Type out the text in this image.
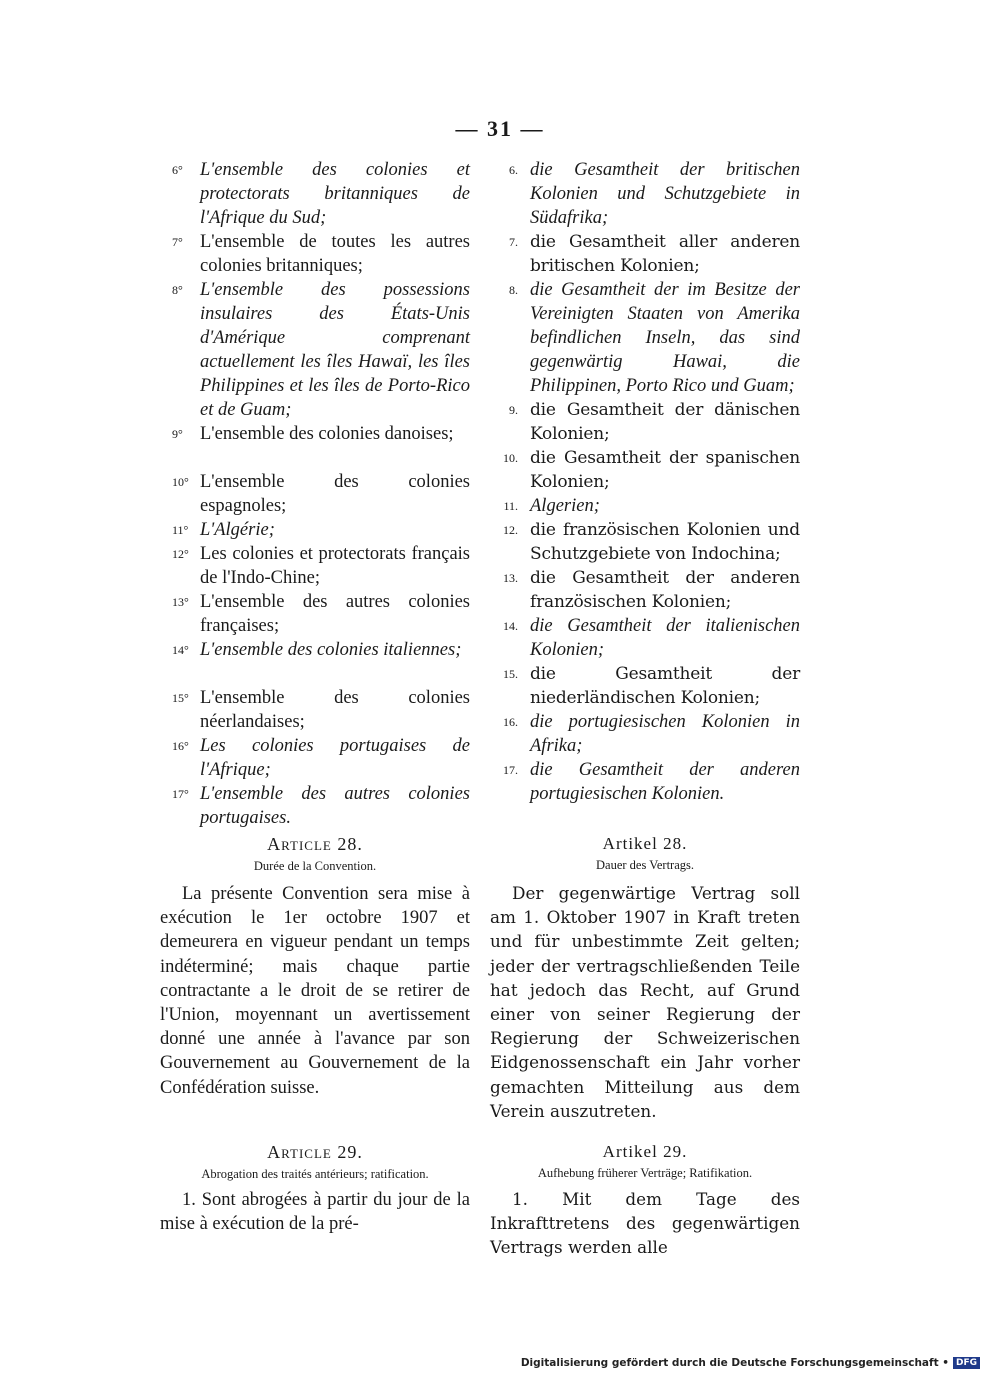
— 31 —
6° L'ensemble des colonies et protectorats britanniques de l'Afrique du Sud;
7° L'ensemble de toutes les autres colonies britanniques;
8° L'ensemble des possessions insulaires des États-Unis d'Amérique comprenant actuellement les îles Hawaï, les îles Philippines et les îles de Porto-Rico et de Guam;
9° L'ensemble des colonies danoises;
10° L'ensemble des colonies espagnoles;
11° L'Algérie;
12° Les colonies et protectorats français de l'Indo-Chine;
13° L'ensemble des autres colonies françaises;
14° L'ensemble des colonies italiennes;
15° L'ensemble des colonies néerlandaises;
16° Les colonies portugaises de l'Afrique;
17° L'ensemble des autres colonies portugaises.
6. die Gesamtheit der britischen Kolonien und Schutzgebiete in Südafrika;
7. die Gesamtheit aller anderen britischen Kolonien;
8. die Gesamtheit der im Besitze der Vereinigten Staaten von Amerika befindlichen Inseln, das sind gegenwärtig Hawai, die Philippinen, Porto Rico und Guam;
9. die Gesamtheit der dänischen Kolonien;
10. die Gesamtheit der spanischen Kolonien;
11. Algerien;
12. die französischen Kolonien und Schutzgebiete von Indochina;
13. die Gesamtheit der anderen französischen Kolonien;
14. die Gesamtheit der italienischen Kolonien;
15. die Gesamtheit der niederländischen Kolonien;
16. die portugiesischen Kolonien in Afrika;
17. die Gesamtheit der anderen portugiesischen Kolonien.
Article 28.
Durée de la Convention.
La présente Convention sera mise à exécution le 1er octobre 1907 et demeurera en vigueur pendant un temps indéterminé; mais chaque partie contractante a le droit de se retirer de l'Union, moyennant un avertissement donné une année à l'avance par son Gouvernement au Gouvernement de la Confédération suisse.
Artikel 28.
Dauer des Vertrags.
Der gegenwärtige Vertrag soll am 1. Oktober 1907 in Kraft treten und für unbestimmte Zeit gelten; jeder der vertragschließenden Teile hat jedoch das Recht, auf Grund einer von seiner Regierung der Regierung der Schweizerischen Eidgenossenschaft ein Jahr vorher gemachten Mitteilung aus dem Verein auszutreten.
Article 29.
Abrogation des traités antérieurs; ratification.
1. Sont abrogées à partir du jour de la mise à exécution de la pré-
Artikel 29.
Aufhebung früherer Verträge; Ratifikation.
1. Mit dem Tage des Inkrafttretens des gegenwärtigen Vertrags werden alle
Digitalisierung gefördert durch die Deutsche Forschungsgemeinschaft • DFG
